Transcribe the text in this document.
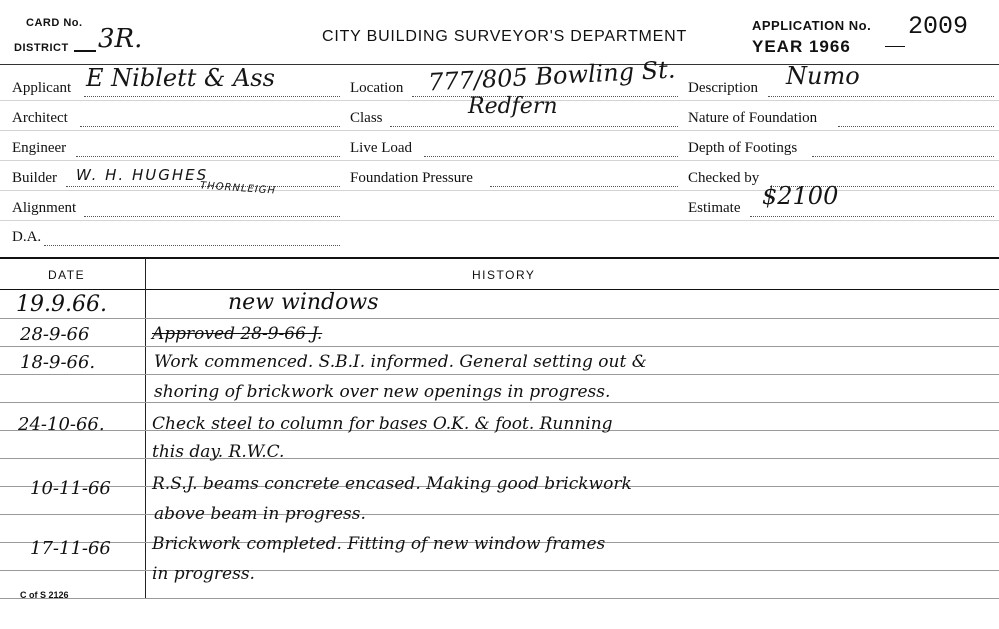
CARD No.
DISTRICT 3R.	CITY BUILDING SURVEYOR'S DEPARTMENT
APPLICATION No. 2009
YEAR 1966
Applicant E Niblett & Ass
Architect
Engineer
Builder W. H. HUGHES
THORNLEIGH
Alignment
D.A.
Location 777/805 Bowling St.
Redfern
Class
Live Load
Foundation Pressure
Description Numo
Nature of Foundation
Depth of Footings
Checked by
Estimate $2100
DATE	HISTORY
19.9.66.	new windows
28-9-66	Approved 28-9-66 J.
18-9-66.	Work commenced. S.B.I. informed. General setting out &
shoring of brickwork over new openings in progress.
24-10-66.	Check steel to column for bases O.K. & foot. Running
this day. R.W.C.
10-11-66 R.S.J. beams concrete encased. Making good brickwork
above beam in progress.
17-11-66 Brickwork completed. Fitting of new window frames
in progress.
C of S 2126
